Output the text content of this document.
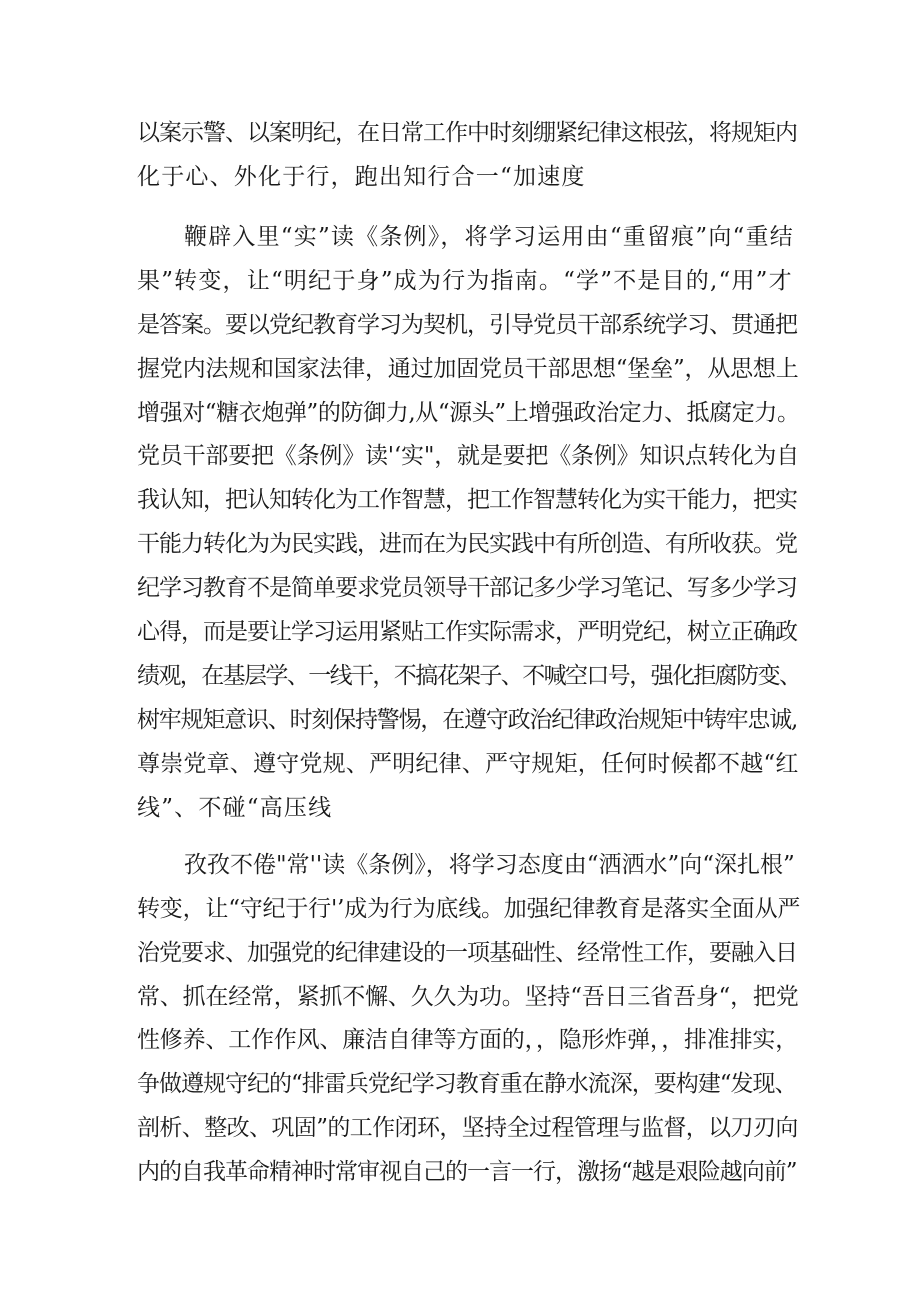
以案示警、以案明纪，在日常工作中时刻绷紧纪律这根弦，将规矩内
化于心、外化于行，跑出知行合一“加速度
鞭辟入里“实”读《条例》，将学习运用由“重留痕”向“重结
果”转变，让“明纪于身”成为行为指南。“学”不是目的,“用”才
是答案。要以党纪教育学习为契机，引导党员干部系统学习、贯通把
握党内法规和国家法律，通过加固党员干部思想“堡垒”，从思想上
增强对“糖衣炮弹”的防御力,从“源头”上增强政治定力、抵腐定力。
党员干部要把《条例》读'‘实"，就是要把《条例》知识点转化为自
我认知，把认知转化为工作智慧，把工作智慧转化为实干能力，把实
干能力转化为为民实践，进而在为民实践中有所创造、有所收获。党
纪学习教育不是简单要求党员领导干部记多少学习笔记、写多少学习
心得，而是要让学习运用紧贴工作实际需求，严明党纪，树立正确政
绩观，在基层学、一线干，不搞花架子、不喊空口号，强化拒腐防变、
树牢规矩意识、时刻保持警惕，在遵守政治纪律政治规矩中铸牢忠诚,
尊崇党章、遵守党规、严明纪律、严守规矩，任何时候都不越“红
线”、不碰“高压线
孜孜不倦"常''读《条例》，将学习态度由“洒洒水”向“深扎根”
转变，让“守纪于行'’成为行为底线。加强纪律教育是落实全面从严
治党要求、加强党的纪律建设的一项基础性、经常性工作，要融入日
常、抓在经常，紧抓不懈、久久为功。坚持“吾日三省吾身“，把党
性修养、工作作风、廉洁自律等方面的，，隐形炸弹，，排准排实，
争做遵规守纪的“排雷兵党纪学习教育重在静水流深，要构建“发现、
剖析、整改、巩固”的工作闭环，坚持全过程管理与监督，以刀刃向
内的自我革命精神时常审视自己的一言一行，激扬“越是艰险越向前”
